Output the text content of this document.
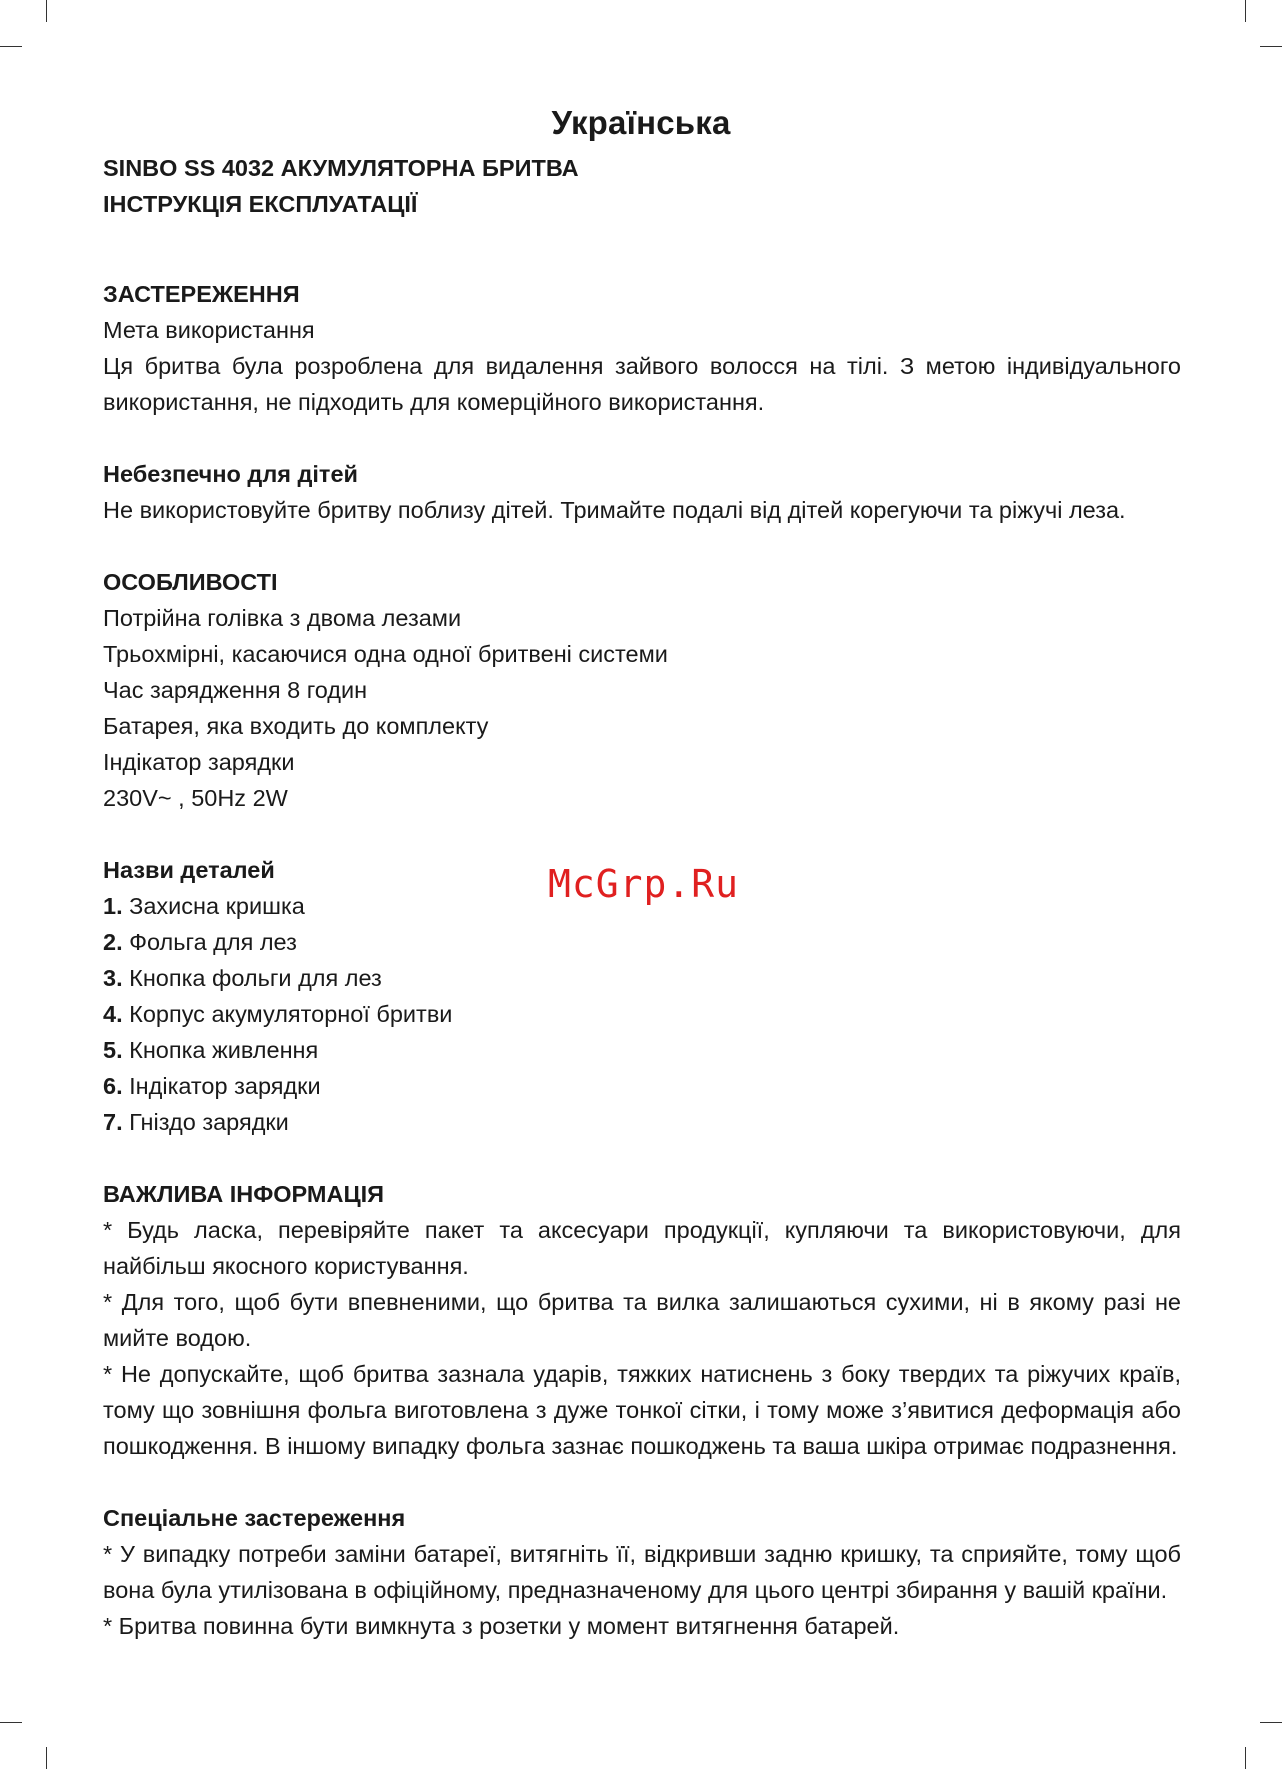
Українська
McGrp.Ru
SINBO SS 4032 АКУМУЛЯТОРНА БРИТВА
ІНСТРУКЦІЯ ЕКСПЛУАТАЦІЇ
ЗАСТЕРЕЖЕННЯ
Мета використання
Ця бритва була розроблена для видалення зайвого волосся на тілі. З метою індивідуального використання, не підходить для комерційного використання.
Небезпечно для дітей
Не використовуйте бритву поблизу дітей. Тримайте подалі від дітей корегуючи та ріжучі леза.
ОСОБЛИВОСТІ
Потрійна голівка з двома лезами
Трьохмірні, касаючися одна одної бритвені системи
Час зарядження 8 годин
Батарея, яка входить до комплекту
Індікатор зарядки
230V~ , 50Hz 2W
Назви деталей
1. Захисна кришка
2. Фольга для лез
3. Кнопка фольги для лез
4. Корпус акумуляторної бритви
5. Кнопка живлення
6. Індікатор зарядки
7. Гніздо зарядки
ВАЖЛИВА ІНФОРМАЦІЯ
* Будь ласка, перевіряйте пакет та аксесуари продукції, купляючи та використовуючи, для найбільш якосного користування.
* Для того, щоб бути впевненими, що бритва та вилка залишаються сухими, ні в якому разі не мийте водою.
* Не допускайте, щоб бритва зазнала ударів, тяжких натиснень з боку твердих та ріжучих країв, тому що зовнішня фольга виготовлена з дуже тонкої сітки, і тому може з’явитися деформація або пошкодження. В іншому випадку фольга зазнає пошкоджень та ваша шкіра отримає подразнення.
Спеціальне застереження
* У випадку потреби заміни батареї, витягніть її, відкривши задню кришку, та сприяйте, тому щоб вона була утилізована в офіційному, предназначеному для цього центрі збирання у вашій країни.
* Бритва повинна бути вимкнута з розетки у момент витягнення батарей.
